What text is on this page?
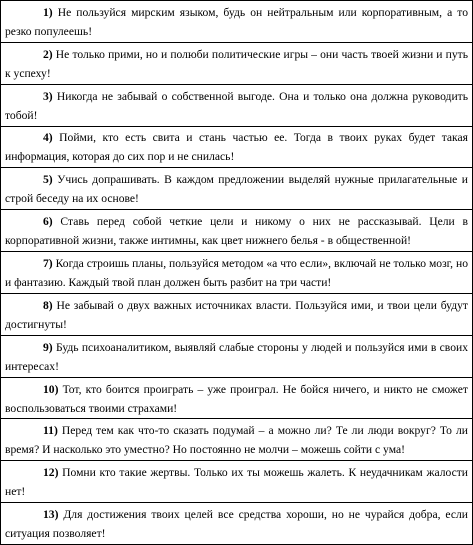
1) Не пользуйся мирским языком, будь он нейтральным или корпоративным, а то резко популеешь!

2) Не только прими, но и полюби политические игры – они часть твоей жизни и путь к успеху!

3) Никогда не забывай о собственной выгоде. Она и только она должна руководить тобой!

4) Пойми, кто есть свита и стань частью ее. Тогда в твоих руках будет такая информация, которая до сих пор и не снилась!

5) Учись допрашивать. В каждом предложении выделяй нужные прилагательные и строй беседу на их основе!

6) Ставь перед собой четкие цели и никому о них не рассказывай. Цели в корпоративной жизни, также интимны, как цвет нижнего белья - в общественной!

7) Когда строишь планы, пользуйся методом «а что если», включай не только мозг, но и фантазию. Каждый твой план должен быть разбит на три части!

8) Не забывай о двух важных источниках власти. Пользуйся ими, и твои цели будут достигнуты!

9) Будь психоаналитиком, выявляй слабые стороны у людей и пользуйся ими в своих интересах!

10) Тот, кто боится проиграть – уже проиграл. Не бойся ничего, и никто не сможет воспользоваться твоими страхами!

11) Перед тем как что-то сказать подумай – а можно ли? Те ли люди вокруг? То ли время? И насколько это уместно? Но постоянно не молчи – можешь сойти с ума!

12) Помни кто такие жертвы. Только их ты можешь жалеть. К неудачникам жалости нет!

13) Для достижения твоих целей все средства хороши, но не чурайся добра, если ситуация позволяет!
